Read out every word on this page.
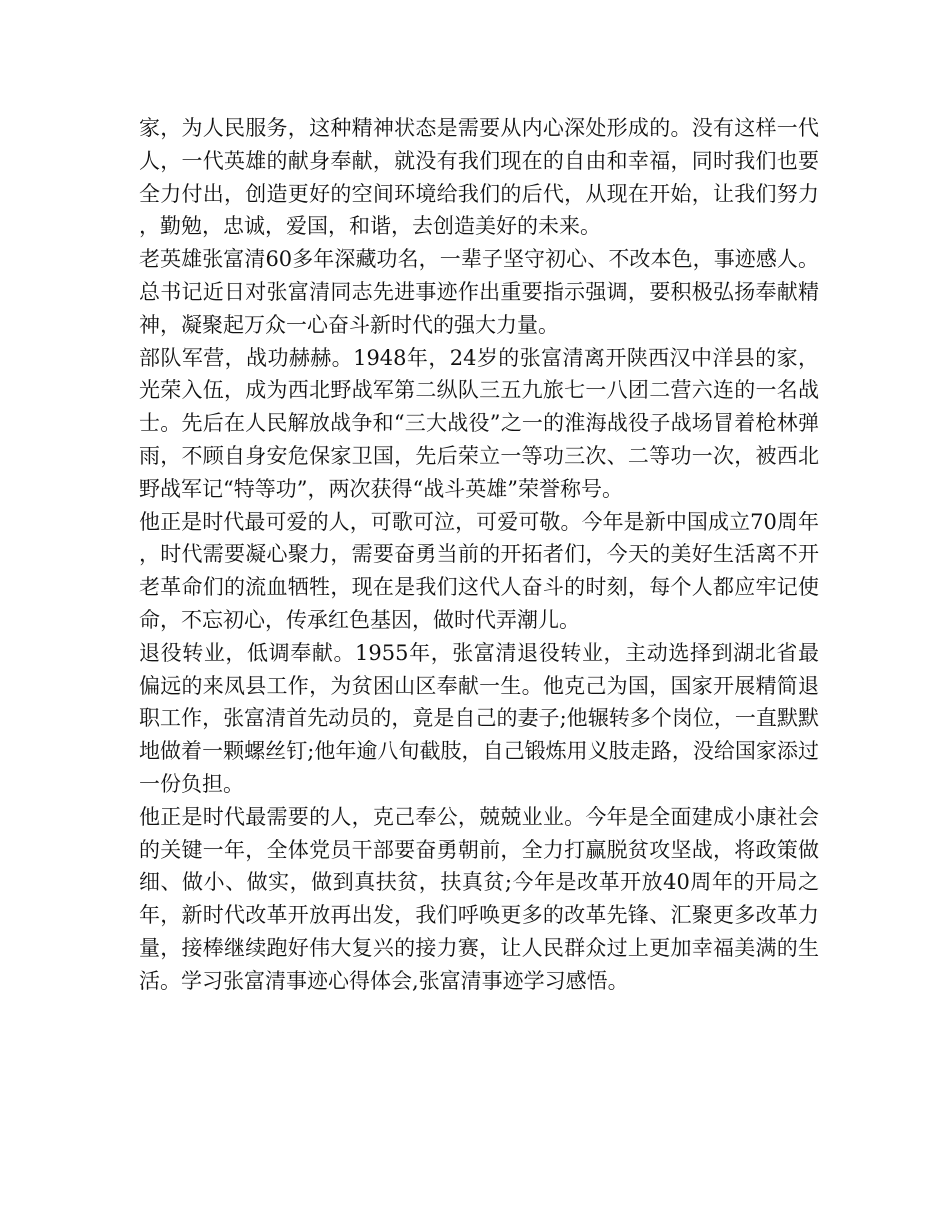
家，为人民服务，这种精神状态是需要从内心深处形成的。没有这样一代人，一代英雄的献身奉献，就没有我们现在的自由和幸福，同时我们也要全力付出，创造更好的空间环境给我们的后代，从现在开始，让我们努力，勤勉，忠诚，爱国，和谐，去创造美好的未来。

老英雄张富清60多年深藏功名，一辈子坚守初心、不改本色，事迹感人。总书记近日对张富清同志先进事迹作出重要指示强调，要积极弘扬奉献精神，凝聚起万众一心奋斗新时代的强大力量。

部队军营，战功赫赫。1948年，24岁的张富清离开陕西汉中洋县的家，光荣入伍，成为西北野战军第二纵队三五九旅七一八团二营六连的一名战士。先后在人民解放战争和“三大战役”之一的淮海战役子战场冒着枪林弹雨，不顾自身安危保家卫国，先后荣立一等功三次、二等功一次，被西北野战军记“特等功”，两次获得“战斗英雄”荣誉称号。

他正是时代最可爱的人，可歌可泣，可爱可敬。今年是新中国成立70周年，时代需要凝心聚力，需要奋勇当前的开拓者们，今天的美好生活离不开老革命们的流血牺牲，现在是我们这代人奋斗的时刻，每个人都应牢记使命，不忘初心，传承红色基因，做时代弄潮儿。

退役转业，低调奉献。1955年，张富清退役转业，主动选择到湖北省最偏远的来凤县工作，为贫困山区奉献一生。他克己为国，国家开展精简退职工作，张富清首先动员的，竟是自己的妻子;他辗转多个岗位，一直默默地做着一颗螺丝钉;他年逾八旬截肢，自己锻炼用义肢走路，没给国家添过一份负担。

他正是时代最需要的人，克己奉公，兢兢业业。今年是全面建成小康社会的关键一年，全体党员干部要奋勇朝前，全力打赢脱贫攻坚战，将政策做细、做小、做实，做到真扶贫，扶真贫;今年是改革开放40周年的开局之年，新时代改革开放再出发，我们呼唤更多的改革先锋、汇聚更多改革力量，接棒继续跑好伟大复兴的接力赛，让人民群众过上更加幸福美满的生活。学习张富清事迹心得体会,张富清事迹学习感悟。
